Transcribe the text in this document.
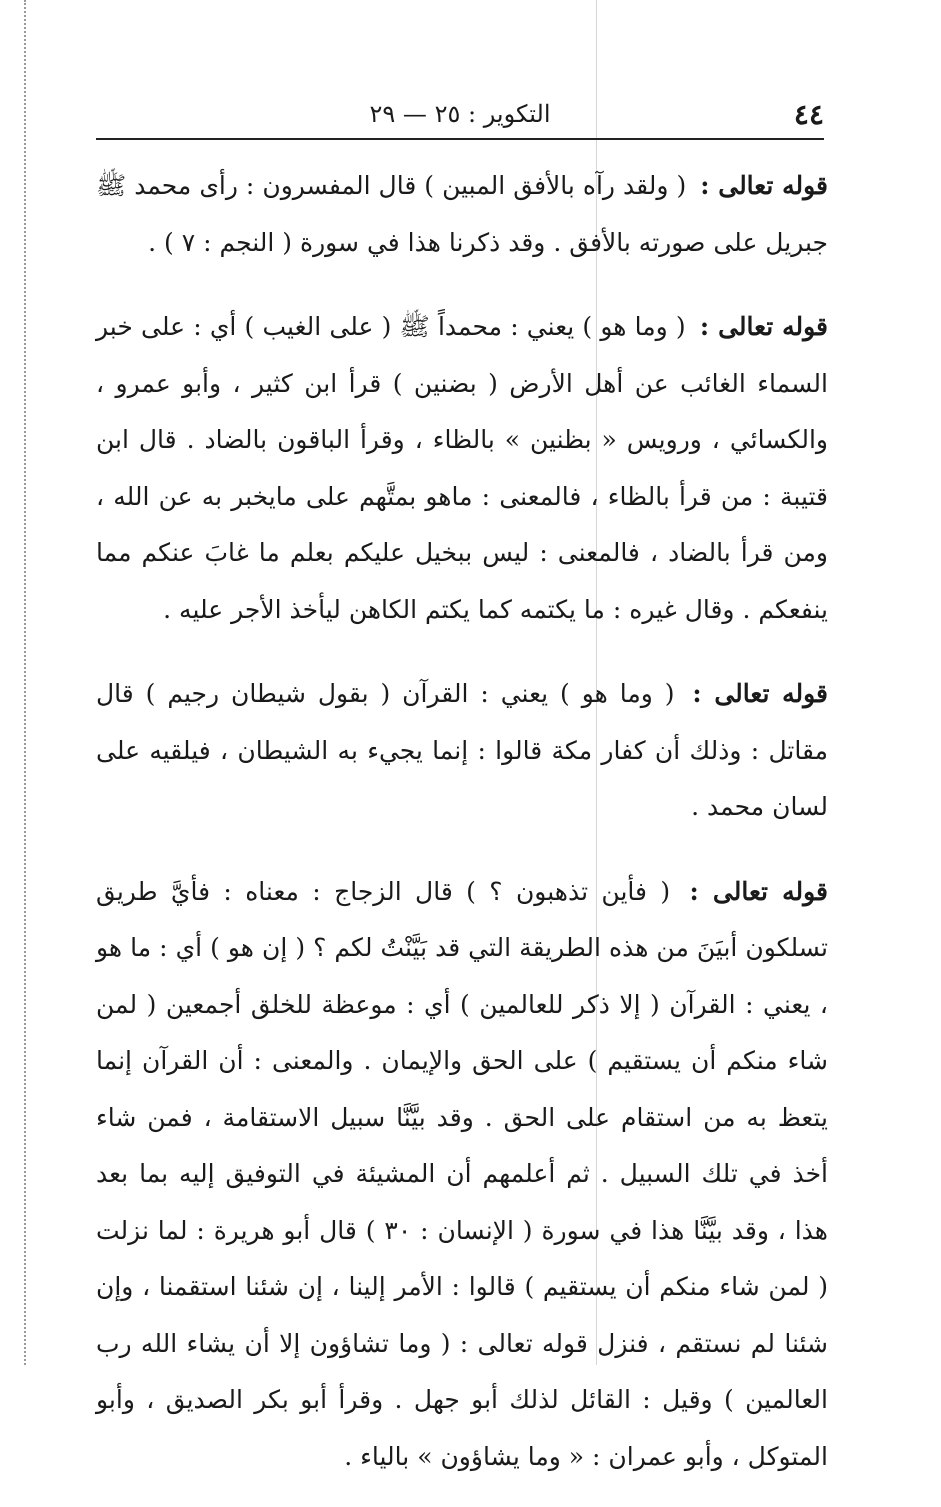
٤٤
التكوير : ٢٥ — ٢٩

قوله تعالى : ( ولقد رآه بالأفق المبين ) قال المفسرون : رأى محمد ﷺ جبريل على صورته بالأفق . وقد ذكرنا هذا في سورة ( النجم : ٧ ) .

قوله تعالى : ( وما هو ) يعني : محمداً ﷺ ( على الغيب ) أي : على خبر السماء الغائب عن أهل الأرض ( بضنين ) قرأ ابن كثير ، وأبو عمرو ، والكسائي ، ورويس « بظنين » بالظاء ، وقرأ الباقون بالضاد . قال ابن قتيبة : من قرأ بالظاء ، فالمعنى : ماهو بمتَّهم على مايخبر به عن الله ، ومن قرأ بالضاد ، فالمعنى : ليس ببخيل عليكم بعلم ما غابَ عنكم مما ينفعكم . وقال غيره : ما يكتمه كما يكتم الكاهن ليأخذ الأجر عليه .

قوله تعالى : ( وما هو ) يعني : القرآن ( بقول شيطان رجيم ) قال مقاتل : وذلك أن كفار مكة قالوا : إنما يجيء به الشيطان ، فيلقيه على لسان محمد .

قوله تعالى : ( فأين تذهبون ؟ ) قال الزجاج : معناه : فأيَّ طريق تسلكون أبيَنَ من هذه الطريقة التي قد بَيَّنْتُ لكم ؟ ( إن هو ) أي : ما هو ، يعني : القرآن ( إلا ذكر للعالمين ) أي : موعظة للخلق أجمعين ( لمن شاء منكم أن يستقيم ) على الحق والإيمان . والمعنى : أن القرآن إنما يتعظ به من استقام على الحق . وقد بيَّنَّا سبيل الاستقامة ، فمن شاء أخذ في تلك السبيل . ثم أعلمهم أن المشيئة في التوفيق إليه بما بعد هذا ، وقد بيَّنَّا هذا في سورة ( الإنسان : ٣٠ ) قال أبو هريرة : لما نزلت ( لمن شاء منكم أن يستقيم ) قالوا : الأمر إلينا ، إن شئنا استقمنا ، وإن شئنا لم نستقم ، فنزل قوله تعالى : ( وما تشاؤون إلا أن يشاء الله رب العالمين ) وقيل : القائل لذلك أبو جهل . وقرأ أبو بكر الصديق ، وأبو المتوكل ، وأبو عمران : « وما يشاؤون » بالياء .
